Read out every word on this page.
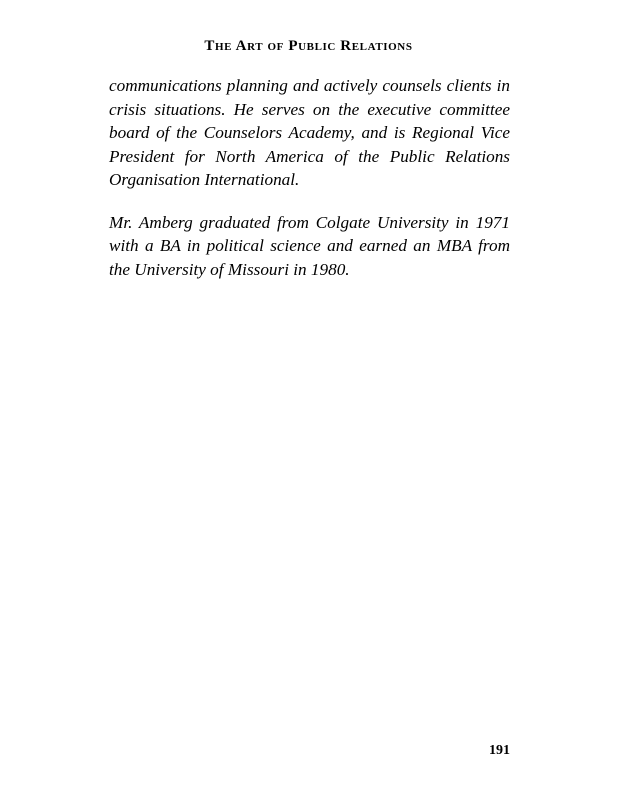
The Art of Public Relations

communications planning and actively counsels clients in crisis situations. He serves on the executive committee board of the Counselors Academy, and is Regional Vice President for North America of the Public Relations Organisation International.

Mr. Amberg graduated from Colgate University in 1971 with a BA in political science and earned an MBA from the University of Missouri in 1980.

191
